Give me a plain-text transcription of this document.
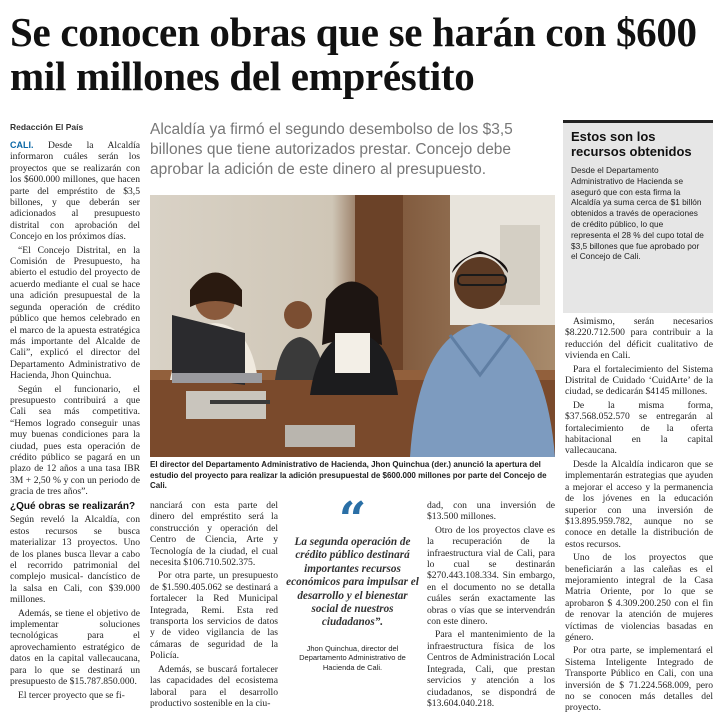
Se conocen obras que se harán con $600 mil millones del empréstito
Redacción El País	Alcaldía ya firmó el segundo desembolso de los $3,5 billones que tiene autorizados prestar. Concejo debe aprobar la adición de este dinero al presupuesto.

CALI. Desde la Alcaldía informaron cuáles serán los proyectos que se realizarán con los $600.000 millones, que hacen parte del empréstito de $3,5 billones, y que deberán ser adicionados al presupuesto distrital con aprobación del Concejo en los próximos días.

“El Concejo Distrital, en la Comisión de Presupuesto, ha abierto el estudio del proyecto de acuerdo mediante el cual se hace una adición presupuestal de la segunda operación de crédito público que hemos celebrado en el marco de la apuesta estratégica más importante del Alcalde de Cali”, explicó el director del Departamento Administrativo de Hacienda, Jhon Quinchua.

Según el funcionario, el presupuesto contribuirá a que Cali sea más competitiva. “Hemos logrado conseguir unas muy buenas condiciones para la ciudad, pues esta operación de crédito público se pagará en un plazo de 12 años a una tasa IBR 3M + 2,50 % y con un periodo de gracia de tres años”.

¿Qué obras se realizarán?

Según reveló la Alcaldía, con estos recursos se busca materializar 13 proyectos. Uno de los planes busca llevar a cabo el recorrido patrimonial del complejo musical- dancístico de la salsa en Cali, con $39.000 millones.

Además, se tiene el objetivo de implementar soluciones tecnológicas para el aprovechamiento estratégico de datos en la capital vallecaucana, para lo que se destinará un presupuesto de $15.787.850.000.

El tercer proyecto que se fi-

El director del Departamento Administrativo de Hacienda, Jhon Quinchua (der.) anunció la apertura del estudio del proyecto para realizar la adición presupuestal de $600.000 millones por parte del Concejo de Cali.

nanciará con esta parte del dinero del empréstito será la construcción y operación del Centro de Ciencia, Arte y Tecnología de la ciudad, el cual necesita $106.710.502.375.

Por otra parte, un presupuesto de $1.590.405.062 se destinará a fortalecer la Red Municipal Integrada, Remi. Esta red transporta los servicios de datos y de video vigilancia de las cámaras de seguridad de la Policía.

Además, se buscará fortalecer las capacidades del ecosistema laboral para el desarrollo productivo sostenible en la ciu-

“

La segunda operación de crédito público destinará importantes recursos económicos para impulsar el desarrollo y el bienestar social de nuestros ciudadanos”.

Jhon Quinchua, director del Departamento Administrativo de Hacienda de Cali.

dad, con una inversión de $13.500 millones.

Otro de los proyectos clave es la recuperación de la infraestructura vial de Cali, para lo cual se destinarán $270.443.108.334. Sin embargo, en el documento no se detalla cuáles serán exactamente las obras o vías que se intervendrán con este dinero.

Para el mantenimiento de la infraestructura física de los Centros de Administración Local Integrada, Cali, que prestan servicios y atención a los ciudadanos, se dispondrá de $13.604.040.218.

Estos son los recursos obtenidos
Desde el Departamento Administrativo de Hacienda se aseguró que con esta firma la Alcaldía ya suma cerca de $1 billón obtenidos a través de operaciones de crédito público, lo que representa el 28 % del cupo total de $3,5 billones que fue aprobado por el Concejo de Cali.

Asimismo, serán necesarios $8.220.712.500 para contribuir a la reducción del déficit cualitativo de vivienda en Cali.

Para el fortalecimiento del Sistema Distrital de Cuidado ‘CuidArte’ de la ciudad, se dedicarán $4145 millones.

De la misma forma, $37.568.052.570 se entregarán al fortalecimiento de la oferta habitacional en la capital vallecaucana.

Desde la Alcaldía indicaron que se implementarán estrategias que ayuden a mejorar el acceso y la permanencia de los jóvenes en la educación superior con una inversión de $13.895.959.782, aunque no se conoce en detalle la distribución de estos recursos.

Uno de los proyectos que beneficiarán a las caleñas es el mejoramiento integral de la Casa Matria Oriente, por lo que se aprobaron $ 4.309.200.250 con el fin de renovar la atención de mujeres víctimas de violencias basadas en género.

Por otra parte, se implementará el Sistema Inteligente Integrado de Transporte Público en Cali, con una inversión de $ 71.224.568.009, pero no se conocen más detalles del proyecto.
